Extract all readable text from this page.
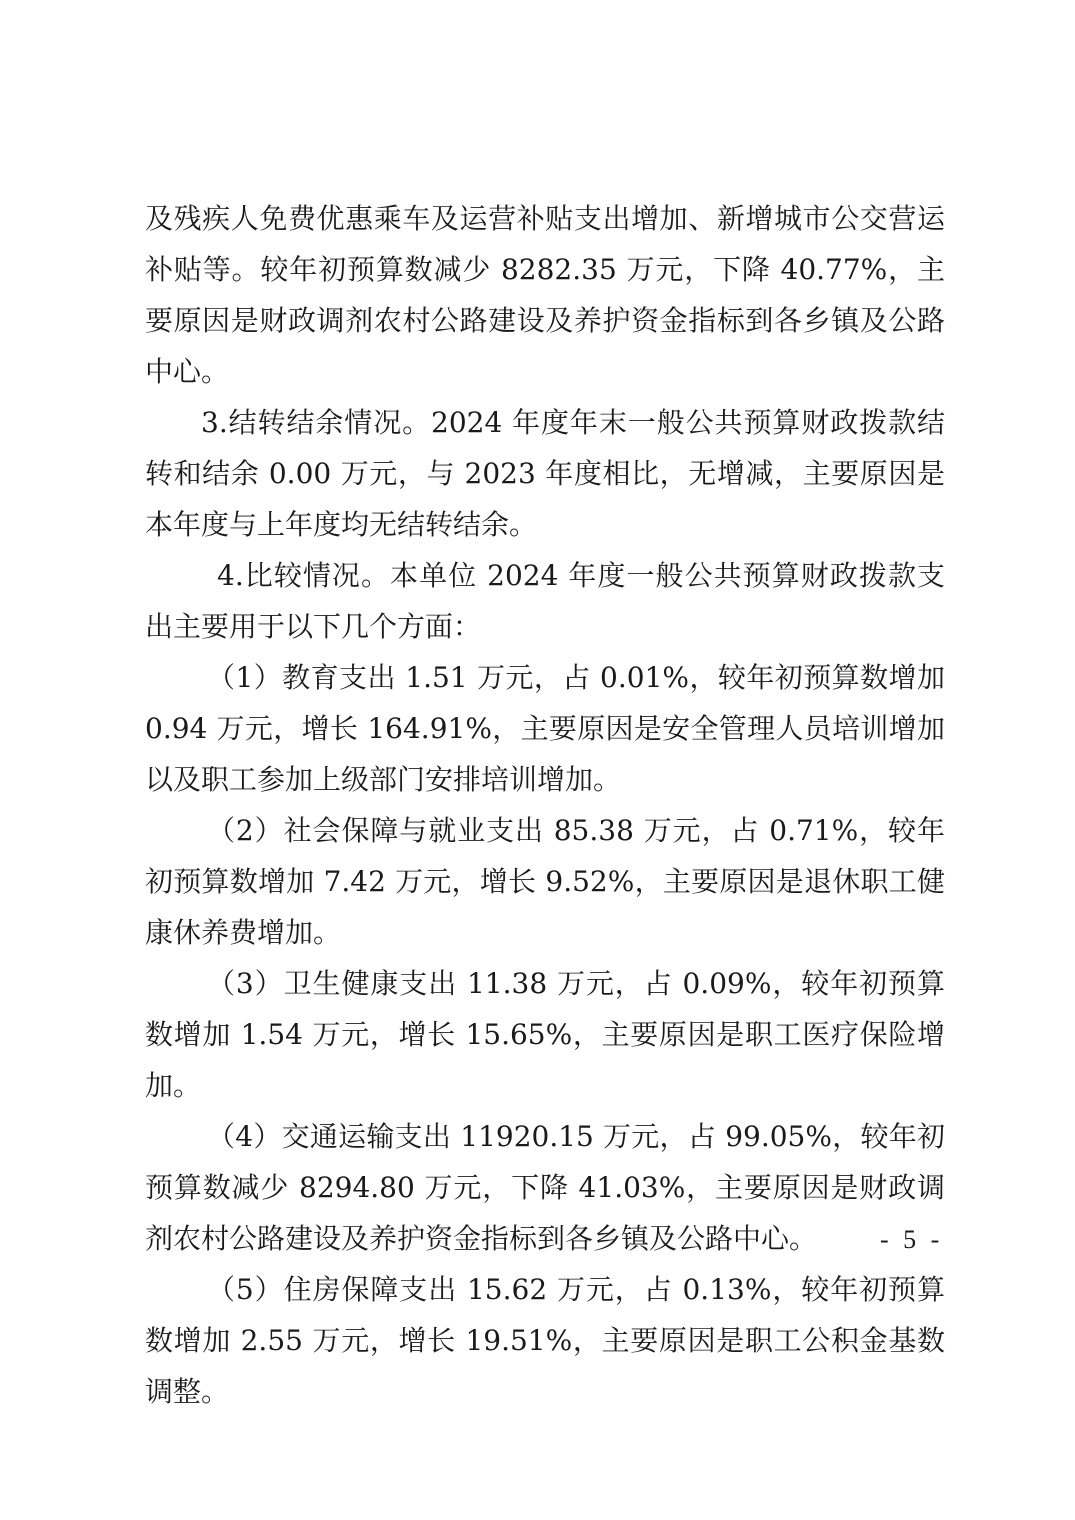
及残疾人免费优惠乘车及运营补贴支出增加、新增城市公交营运补贴等。较年初预算数减少 8282.35 万元，下降 40.77%，主要原因是财政调剂农村公路建设及养护资金指标到各乡镇及公路中心。

3.结转结余情况。2024 年度年末一般公共预算财政拨款结转和结余 0.00 万元，与 2023 年度相比，无增减，主要原因是本年度与上年度均无结转结余。

4.比较情况。本单位 2024 年度一般公共预算财政拨款支出主要用于以下几个方面：

（1）教育支出 1.51 万元，占 0.01%，较年初预算数增加 0.94 万元，增长 164.91%，主要原因是安全管理人员培训增加以及职工参加上级部门安排培训增加。

（2）社会保障与就业支出 85.38 万元，占 0.71%，较年初预算数增加 7.42 万元，增长 9.52%，主要原因是退休职工健康休养费增加。

（3）卫生健康支出 11.38 万元，占 0.09%，较年初预算数增加 1.54 万元，增长 15.65%，主要原因是职工医疗保险增加。

（4）交通运输支出 11920.15 万元，占 99.05%，较年初预算数减少 8294.80 万元，下降 41.03%，主要原因是财政调剂农村公路建设及养护资金指标到各乡镇及公路中心。

（5）住房保障支出 15.62 万元，占 0.13%，较年初预算数增加 2.55 万元，增长 19.51%，主要原因是职工公积金基数调整。

- 5 -
